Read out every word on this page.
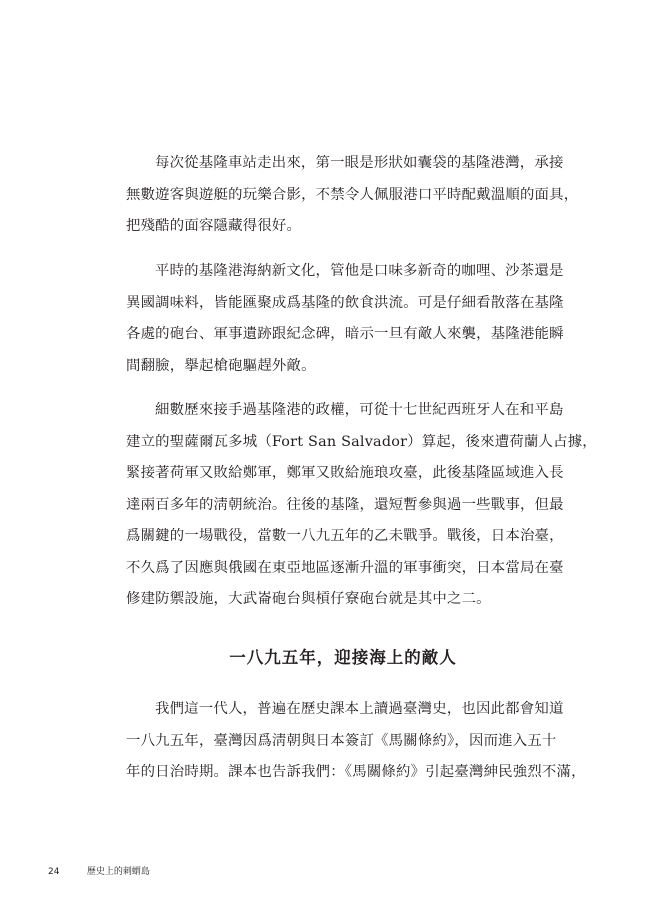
每次從基隆車站走出來，第一眼是形狀如囊袋的基隆港灣，承接
無數遊客與遊艇的玩樂合影，不禁令人佩服港口平時配戴溫順的面具，
把殘酷的面容隱藏得很好。
平時的基隆港海納新文化，管他是口味多新奇的咖哩、沙茶還是
異國調味料，皆能匯聚成爲基隆的飲食洪流。可是仔細看散落在基隆
各處的砲台、軍事遺跡跟紀念碑，暗示一旦有敵人來襲，基隆港能瞬
間翻臉，擧起槍砲驅趕外敵。
細數歷來接手過基隆港的政權，可從十七世紀西班牙人在和平島
建立的聖薩爾瓦多城（Fort San Salvador）算起，後來遭荷蘭人占據，
緊接著荷軍又敗給鄭軍，鄭軍又敗給施琅攻臺，此後基隆區域進入長
達兩百多年的淸朝統治。往後的基隆，還短暫參與過一些戰事，但最
爲關鍵的一場戰役，當數一八九五年的乙未戰爭。戰後，日本治臺，
不久爲了因應與俄國在東亞地區逐漸升溫的軍事衝突，日本當局在臺
修建防禦設施，大武崙砲台與槓仔寮砲台就是其中之二。
一八九五年，迎接海上的敵人
我們這一代人，普遍在歷史課本上讀過臺灣史，也因此都會知道
一八九五年，臺灣因爲淸朝與日本簽訂《馬關條約》，因而進入五十
年的日治時期。課本也告訴我們：《馬關條約》引起臺灣紳民強烈不滿，
24	歷史上的刺蝟島
